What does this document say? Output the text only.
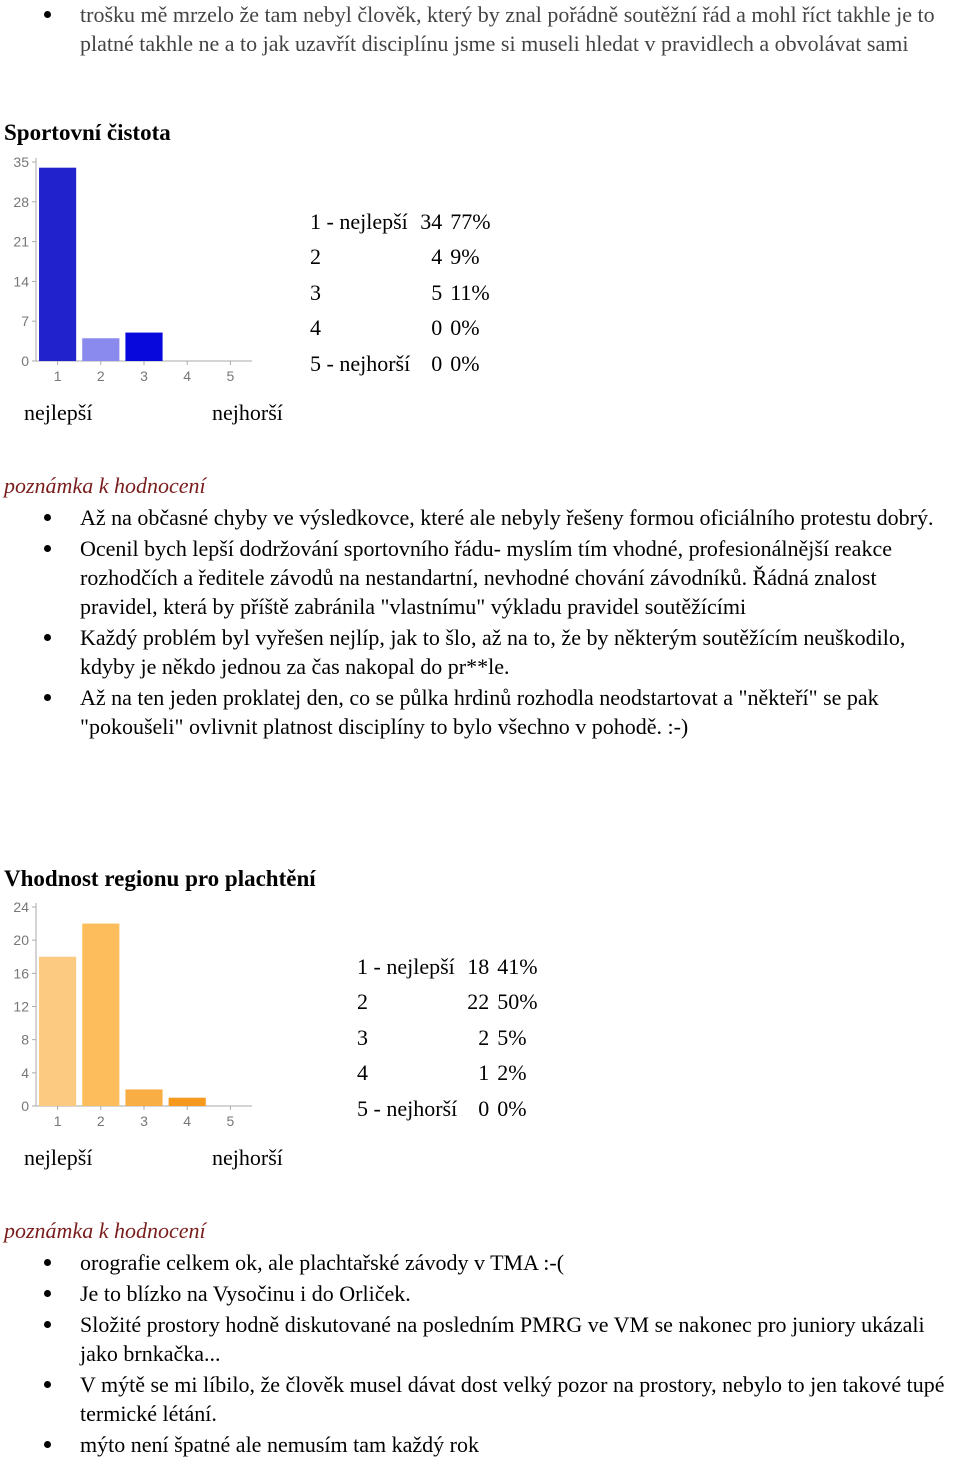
trošku mě mrzelo že tam nebyl člověk, který by znal pořádně soutěžní řád a mohl říct takhle je to platné takhle ne a to jak uzavřít disciplínu jsme si museli hledat v pravidlech a obvolávat sami
Sportovní čistota
0
7
14
21
28
35
1	2	3	4	5
nejlepší	nejhorší
1 - nejlepší	34	77%
2	4	9%
3	5	11%
4	0	0%
5 - nejhorší	0	0%
poznámka k hodnocení
Až na občasné chyby ve výsledkovce, které ale nebyly řešeny formou oficiálního protestu dobrý.
Ocenil bych lepší dodržování sportovního řádu- myslím tím vhodné, profesionálnější reakce rozhodčích a ředitele závodů na nestandartní, nevhodné chování závodníků. Řádná znalost pravidel, která by příště zabránila "vlastnímu" výkladu pravidel soutěžícími
Každý problém byl vyřešen nejlíp, jak to šlo, až na to, že by některým soutěžícím neuškodilo, kdyby je někdo jednou za čas nakopal do pr**le.
Až na ten jeden proklatej den, co se půlka hrdinů rozhodla neodstartovat a "někteří" se pak "pokoušeli" ovlivnit platnost disciplíny to bylo všechno v pohodě. :-)
Vhodnost regionu pro plachtění
0
4
8
12
16
20
24
1	2	3	4	5
nejlepší	nejhorší
1 - nejlepší	18	41%
2	22	50%
3	2	5%
4	1	2%
5 - nejhorší	0	0%
poznámka k hodnocení
orografie celkem ok, ale plachtařské závody v TMA :-(
Je to blízko na Vysočinu i do Orliček.
Složité prostory hodně diskutované na posledním PMRG ve VM se nakonec pro juniory ukázali jako brnkačka...
V mýtě se mi líbilo, že člověk musel dávat dost velký pozor na prostory, nebylo to jen takové tupé termické létání.
mýto není špatné ale nemusím tam každý rok
